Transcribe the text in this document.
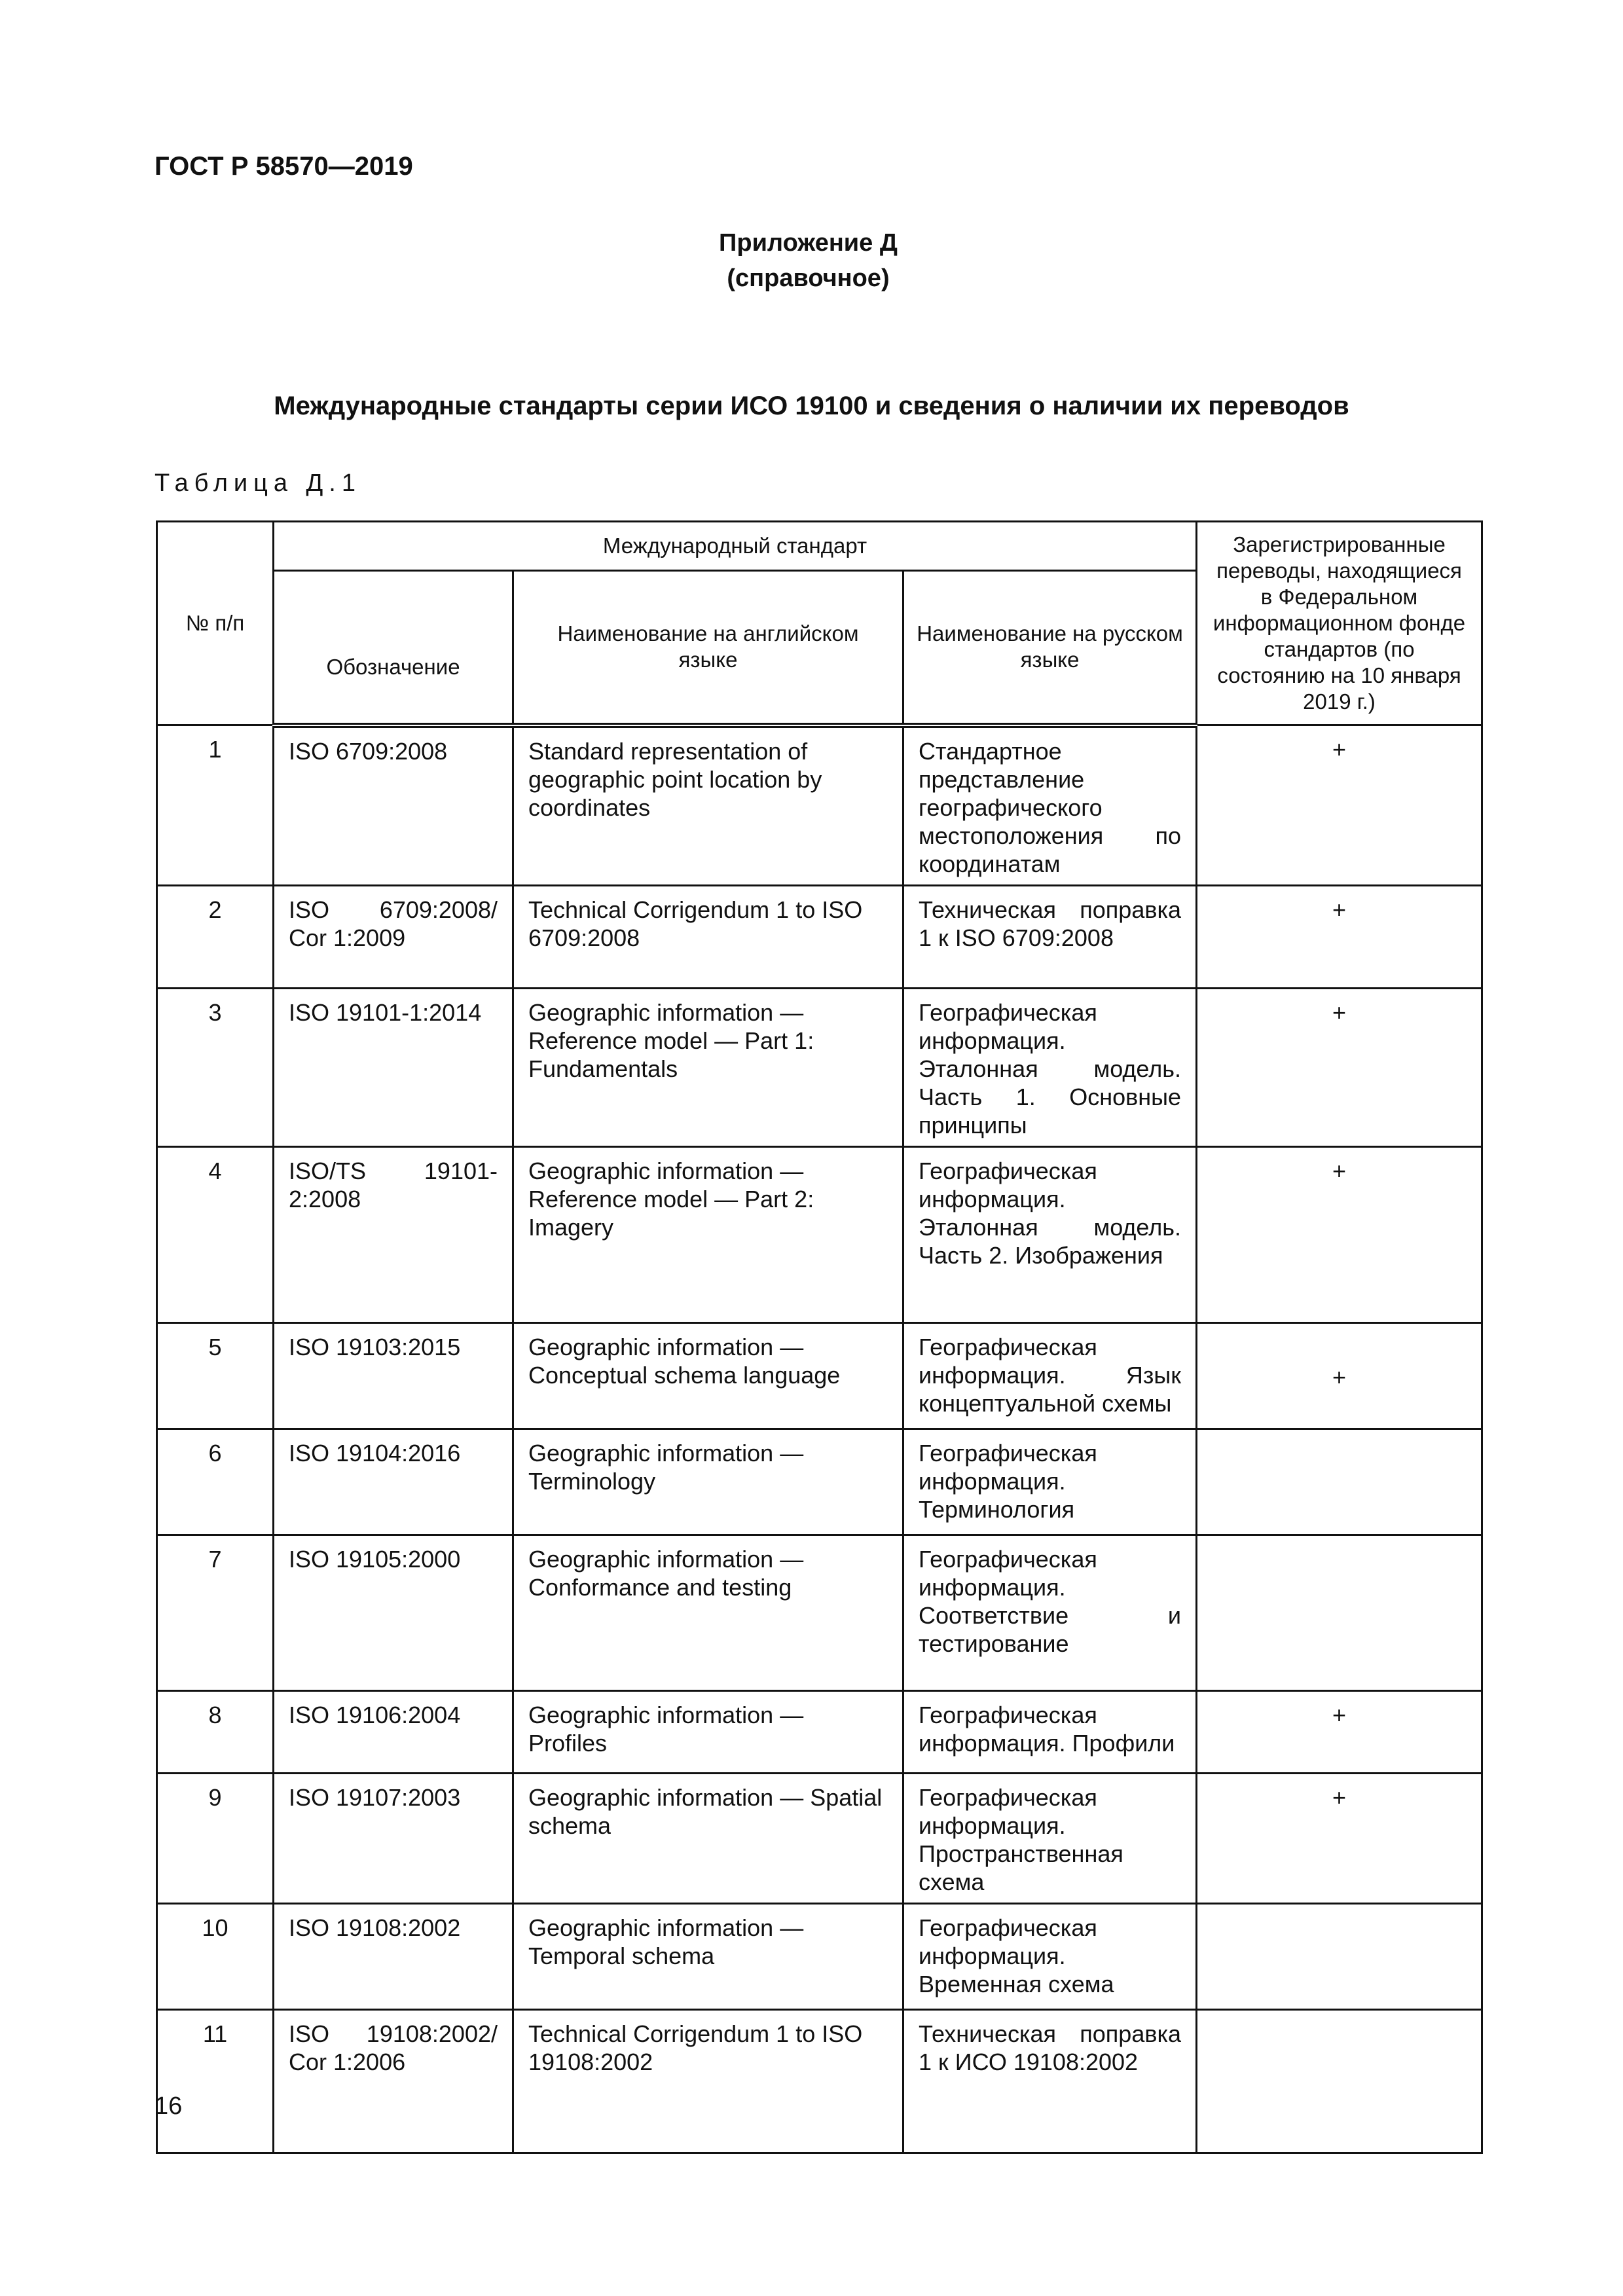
ГОСТ Р 58570—2019
Приложение Д
(справочное)
Международные стандарты серии ИСО 19100 и сведения о наличии их переводов
Таблица Д.1
№ п/п	Международный стандарт			Зарегистрированные переводы, находящиеся в Федеральном информационном фонде стандартов (по состоянию на 10 января 2019 г.)
	Обозначение	Наименование на английском языке	Наименование на русском языке	
1	ISO 6709:2008	Standard representation of geographic point location by coordinates	Стандартное представление географического местоположения по координатам	+
2	ISO 6709:2008/ Cor 1:2009	Technical Corrigendum 1 to ISO 6709:2008	Техническая поправка 1 к ISO 6709:2008	+
3	ISO 19101-1:2014	Geographic information — Reference model — Part 1: Fundamentals	Географическая информация. Эталонная модель. Часть 1. Основные принципы	+
4	ISO/TS 19101-2:2008	Geographic information — Reference model — Part 2: Imagery	Географическая информация. Эталонная модель. Часть 2. Изображения	+
5	ISO 19103:2015	Geographic information — Conceptual schema language	Географическая информация. Язык концептуальной схемы	+
6	ISO 19104:2016	Geographic information — Terminology	Географическая информация. Терминология	
7	ISO 19105:2000	Geographic information — Conformance and testing	Географическая информация. Соответствие и тестирование	
8	ISO 19106:2004	Geographic information — Profiles	Географическая информация. Профили	+
9	ISO 19107:2003	Geographic information — Spatial schema	Географическая информация. Пространственная схема	+
10	ISO 19108:2002	Geographic information — Temporal schema	Географическая информация. Временная схема	
11	ISO 19108:2002/ Cor 1:2006	Technical Corrigendum 1 to ISO 19108:2002	Техническая поправка 1 к ИСО 19108:2002	
16
